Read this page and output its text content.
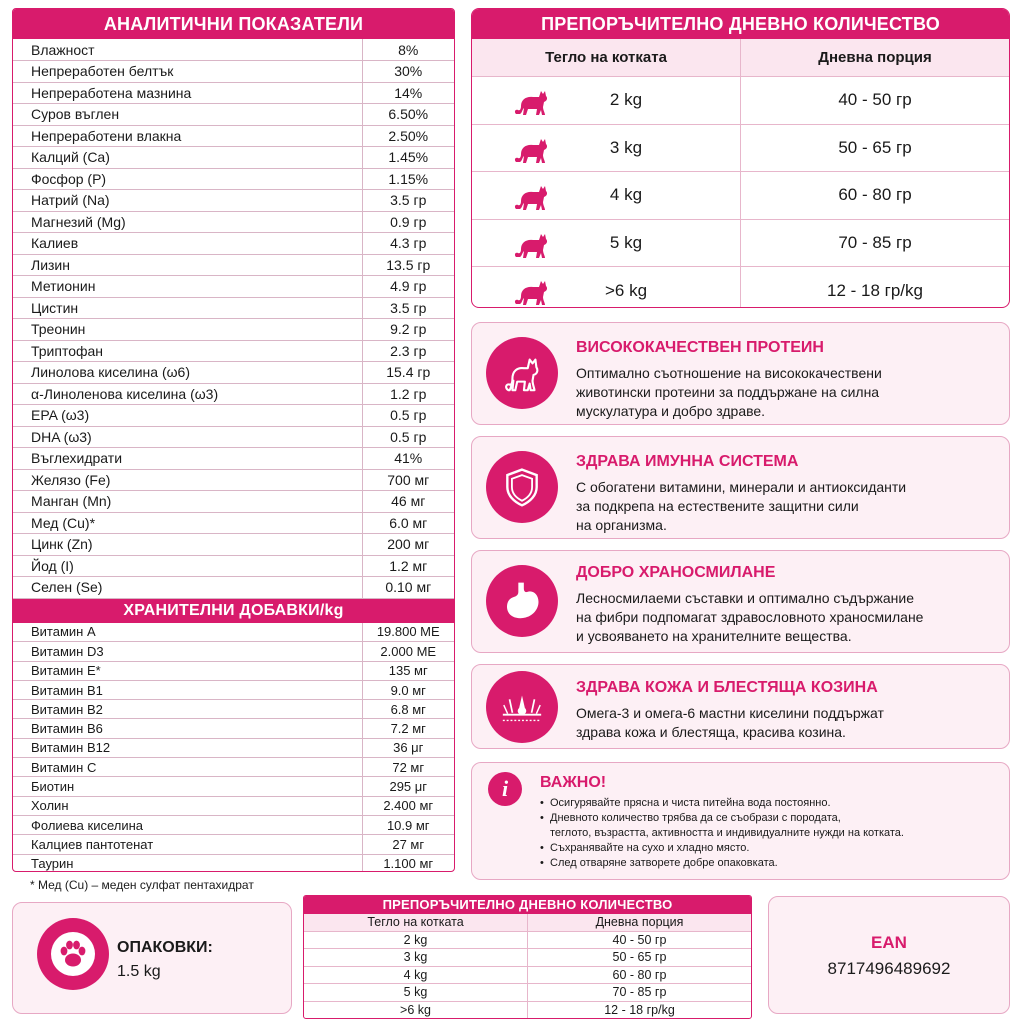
АНАЛИТИЧНИ ПОКАЗАТЕЛИ
Влажност	8%
Непреработен белтък	30%
Непреработена мазнина	14%
Суров въглен	6.50%
Непреработени влакна	2.50%
Калций (Ca)	1.45%
Фосфор (P)	1.15%
Натрий (Na)	3.5 гр
Магнезий (Mg)	0.9 гр
Калиев	4.3 гр
Лизин	13.5 гр
Метионин	4.9 гр
Цистин	3.5 гр
Треонин	9.2 гр
Триптофан	2.3 гр
Линолова киселина (ω6)	15.4 гр
α-Линоленова киселина (ω3)	1.2 гр
EPA (ω3)	0.5 гр
DHA (ω3)	0.5 гр
Въглехидрати	41%
Желязо (Fe)	700 мг
Манган (Mn)	46 мг
Мед (Cu)*	6.0 мг
Цинк (Zn)	200 мг
Йод (I)	1.2 мг
Селен (Se)	0.10 мг
ХРАНИТЕЛНИ ДОБАВКИ/kg
Витамин A	19.800 ME
Витамин D3	2.000 ME
Витамин E*	135 мг
Витамин B1	9.0 мг
Витамин B2	6.8 мг
Витамин B6	7.2 мг
Витамин B12	36 μг
Витамин C	72 мг
Биотин	295 μг
Холин	2.400 мг
Фолиева киселина	10.9 мг
Калциев пантотенат	27 мг
Таурин	1.100 мг
* Мед (Cu) – меден сулфат пентахидрат
ПРЕПОРЪЧИТЕЛНО ДНЕВНО КОЛИЧЕСТВО
Тегло на котката	Дневна порция
2 kg	40 - 50 гр
3 kg	50 - 65 гр
4 kg	60 - 80 гр
5 kg	70 - 85 гр
>6 kg	12 - 18 гр/kg
ВИСОКОКАЧЕСТВЕН ПРОТЕИН

Оптимално съотношение на висококачествени
животински протеини за поддържане на силна
мускулатура и добро здраве.

ЗДРАВА ИМУННА СИСТЕМА

С обогатени витамини, минерали и антиоксиданти
за подкрепа на естествените защитни сили
на организма.

ДОБРО ХРАНОСМИЛАНЕ

Лесносмилаеми съставки и оптимално съдържание
на фибри подпомагат здравословното храносмилане
и усвояването на хранителните вещества.

ЗДРАВА КОЖА И БЛЕСТЯЩА КОЗИНА

Омега-3 и омега-6 мастни киселини поддържат
здрава кожа и блестяща, красива козина.

i	ВАЖНО!
• Осигурявайте прясна и чиста питейна вода постоянно.
• Дневното количество трябва да се съобрази с породата,
теглото, възрастта, активността и индивидуалните нужди на котката.
• Съхранявайте на сухо и хладно място.
• След отваряне затворете добре опаковката.
ОПАКОВКИ:
1.5 kg
ПРЕПОРЪЧИТЕЛНО ДНЕВНО КОЛИЧЕСТВО
Тегло на котката	Дневна порция
2 kg	40 - 50 гр
3 kg	50 - 65 гр
4 kg	60 - 80 гр
5 kg	70 - 85 гр
>6 kg	12 - 18 гр/kg
EAN
8717496489692
